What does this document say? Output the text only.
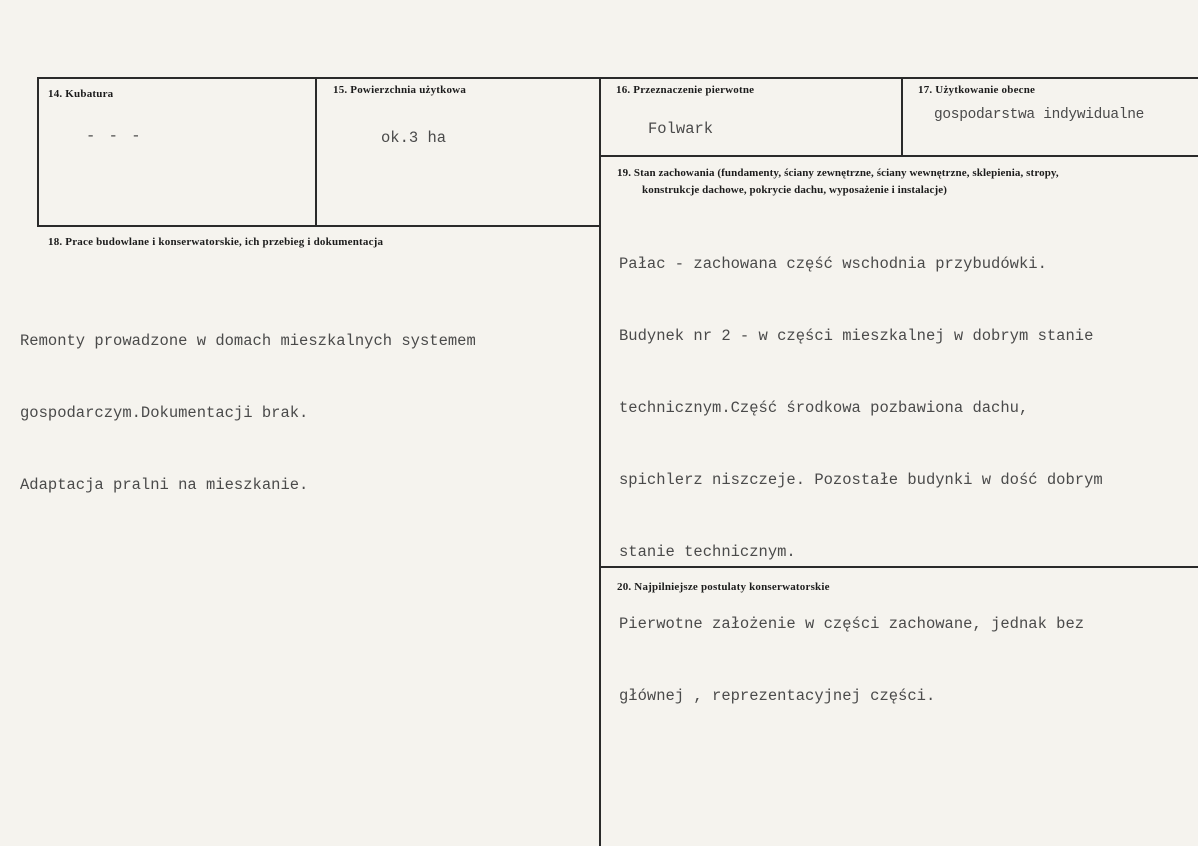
14. Kubatura
- - -
15. Powierzchnia użytkowa
ok.3 ha
16. Przeznaczenie pierwotne
Folwark
17. Użytkowanie obecne
gospodarstwa indywidualne
19. Stan zachowania (fundamenty, ściany zewnętrzne, ściany wewnętrzne, sklepienia, stropy,
konstrukcje dachowe, pokrycie dachu, wyposażenie i instalacje)

Pałac - zachowana część wschodnia przybudówki.

Budynek nr 2 - w części mieszkalnej w dobrym stanie

technicznym.Część środkowa pozbawiona dachu,

spichlerz niszczeje. Pozostałe budynki w dość dobrym

stanie technicznym.

Pierwotne założenie w części zachowane, jednak bez

głównej , reprezentacyjnej części.

18. Prace budowlane i konserwatorskie, ich przebieg i dokumentacja

Remonty prowadzone w domach mieszkalnych systemem

gospodarczym.Dokumentacji brak.

Adaptacja pralni na mieszkanie.

20. Najpilniejsze postulaty konserwatorskie
